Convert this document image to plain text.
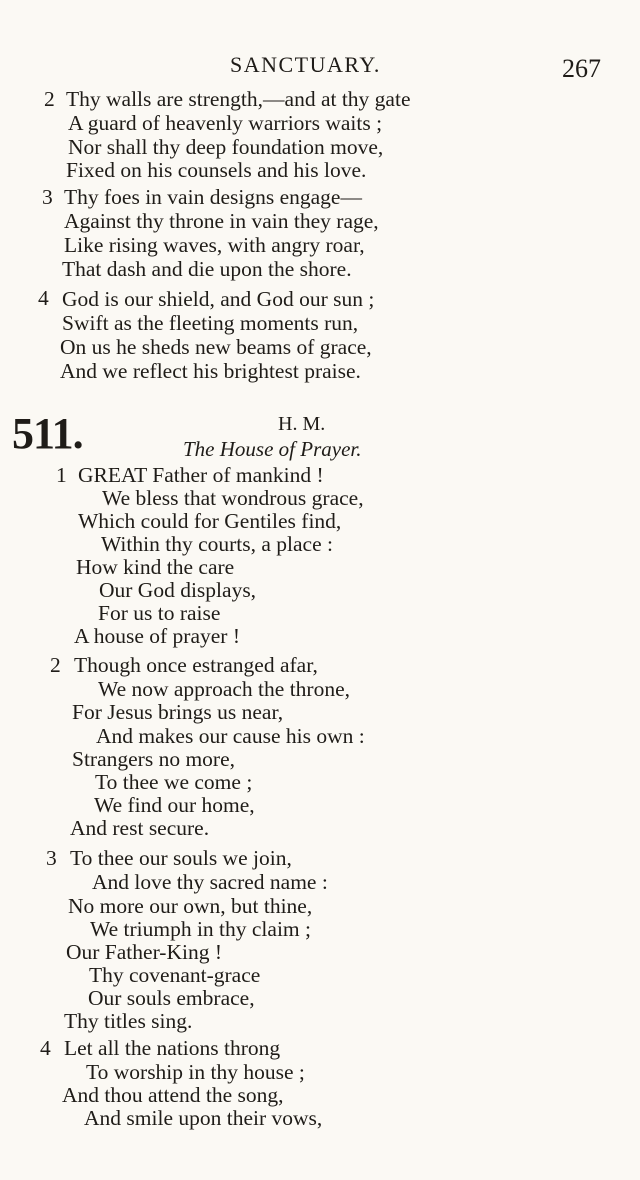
SANCTUARY.	267
2 Thy walls are strength,—and at thy gate
A guard of heavenly warriors waits ;
Nor shall thy deep foundation move,
Fixed on his counsels and his love.
3 Thy foes in vain designs engage—
Against thy throne in vain they rage,
Like rising waves, with angry roar,
That dash and die upon the shore.
4 God is our shield, and God our sun ;
Swift as the fleeting moments run,
On us he sheds new beams of grace,
And we reflect his brightest praise.
511.	H. M.
The House of Prayer.
1 GREAT Father of mankind !
We bless that wondrous grace,
Which could for Gentiles find,
Within thy courts, a place :
How kind the care
Our God displays,
For us to raise
A house of prayer !
2 Though once estranged afar,
We now approach the throne,
For Jesus brings us near,
And makes our cause his own :
Strangers no more,
To thee we come ;
We find our home,
And rest secure.
3 To thee our souls we join,
And love thy sacred name :
No more our own, but thine,
We triumph in thy claim ;
Our Father-King !
Thy covenant-grace
Our souls embrace,
Thy titles sing.
4 Let all the nations throng
To worship in thy house ;
And thou attend the song,
And smile upon their vows,
